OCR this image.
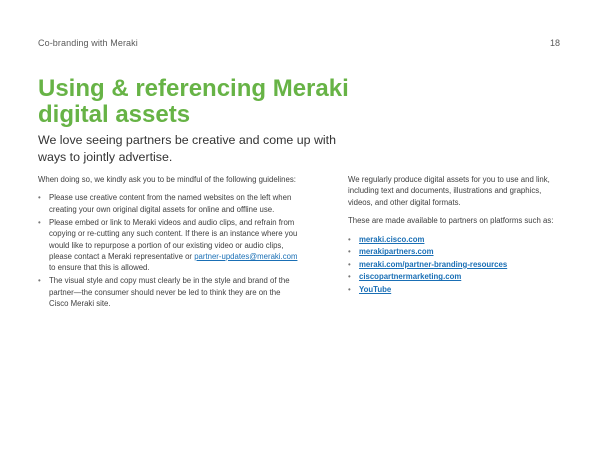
Co-branding with Meraki	18
Using & referencing Meraki digital assets

We love seeing partners be creative and come up with ways to jointly advertise.

When doing so, we kindly ask you to be mindful of the following guidelines:

• Please use creative content from the named websites on the left when creating your own original digital assets for online and offline use.
• Please embed or link to Meraki videos and audio clips, and refrain from copying or re-cutting any such content. If there is an instance where you would like to repurpose a portion of our existing video or audio clips, please contact a Meraki representative or partner-updates@meraki.com to ensure that this is allowed.
• The visual style and copy must clearly be in the style and brand of the partner—the consumer should never be led to think they are on the Cisco Meraki site.

We regularly produce digital assets for you to use and link, including text and documents, illustrations and graphics, videos, and other digital formats.

These are made available to partners on platforms such as:

• meraki.cisco.com
• merakipartners.com
• meraki.com/partner-branding-resources
• ciscopartnermarketing.com
• YouTube
